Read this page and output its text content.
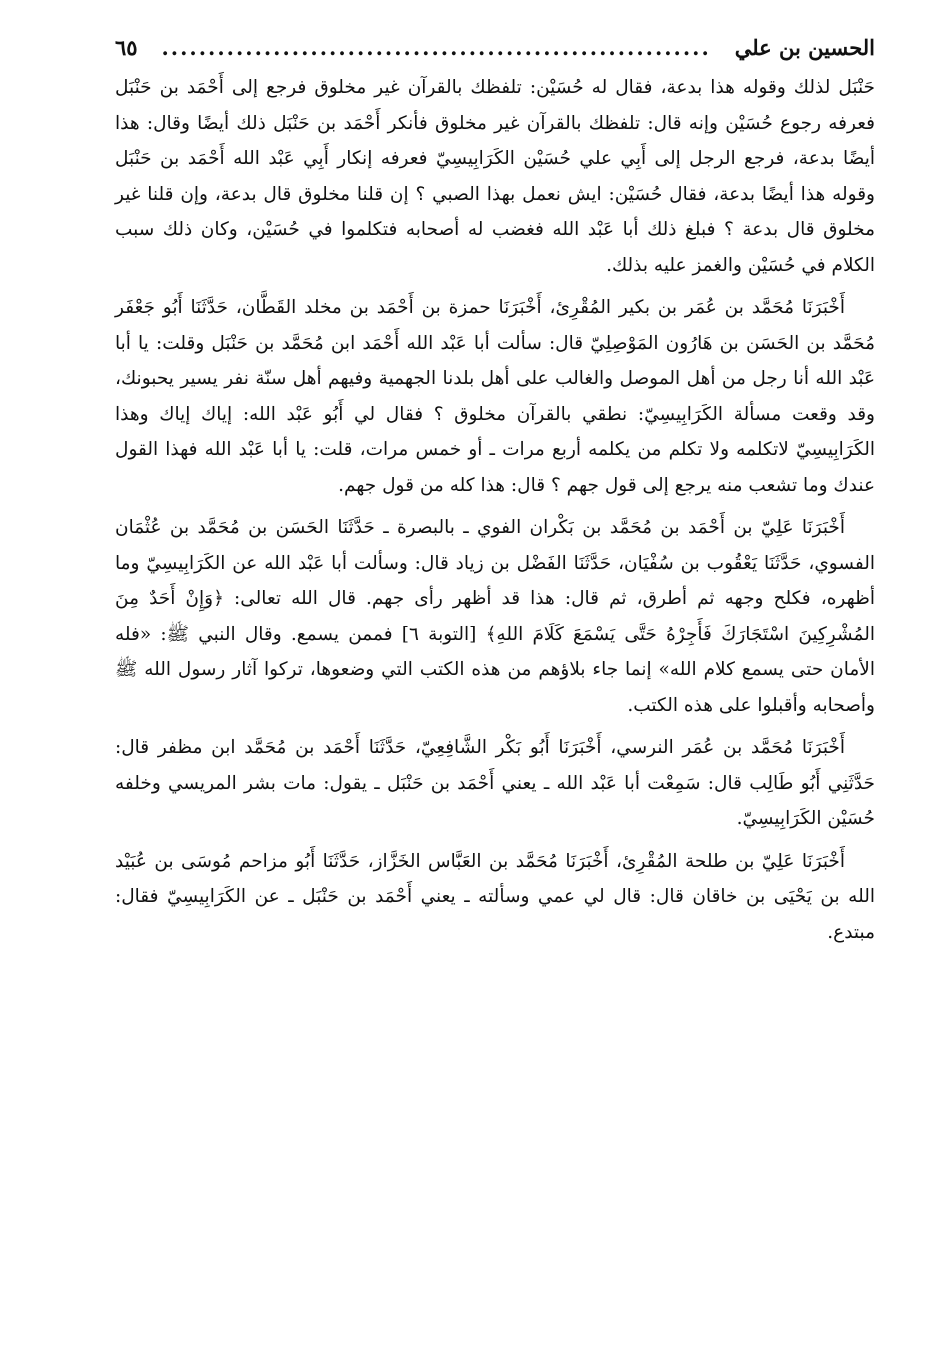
الحسين بن علي
...........................................................
٦٥

حَنْبَل لذلك وقوله هذا بدعة، فقال له حُسَيْن: تلفظك بالقرآن غير مخلوق فرجع إلى أَحْمَد بن حَنْبَل فعرفه رجوع حُسَيْن وإنه قال: تلفظك بالقرآن غير مخلوق فأنكر أَحْمَد بن حَنْبَل ذلك أيضًا وقال: هذا أيضًا بدعة، فرجع الرجل إلى أَبِي علي حُسَيْن الكَرَابِيسِيّ فعرفه إنكار أَبِي عَبْد الله أَحْمَد بن حَنْبَل وقوله هذا أيضًا بدعة، فقال حُسَيْن: ايش نعمل بهذا الصبي ؟ إن قلنا مخلوق قال بدعة، وإن قلنا غير مخلوق قال بدعة ؟ فبلغ ذلك أبا عَبْد الله فغضب له أصحابه فتكلموا في حُسَيْن، وكان ذلك سبب الكلام في حُسَيْن والغمز عليه بذلك.

أَخْبَرَنَا مُحَمَّد بن عُمَر بن بكير المُقْرِئ، أَخْبَرَنَا حمزة بن أَحْمَد بن مخلد القَطَّان، حَدَّثَنَا أَبُو جَعْفَر مُحَمَّد بن الحَسَن بن هَارُون المَوْصِلِيّ قال: سألت أبا عَبْد الله أَحْمَد ابن مُحَمَّد بن حَنْبَل وقلت: يا أبا عَبْد الله أنا رجل من أهل الموصل والغالب على أهل بلدنا الجهمية وفيهم أهل سنّة نفر يسير يحبونك، وقد وقعت مسألة الكَرَابِيسِيّ: نطقي بالقرآن مخلوق ؟ فقال لي أَبُو عَبْد الله: إياك إياك وهذا الكَرَابِيسِيّ لاتكلمه ولا تكلم من يكلمه أربع مرات ـ أو خمس مرات، قلت: يا أبا عَبْد الله فهذا القول عندك وما تشعب منه يرجع إلى قول جهم ؟ قال: هذا كله من قول جهم.

أَخْبَرَنَا عَلِيّ بن أَحْمَد بن مُحَمَّد بن بَكْران الفوي ـ بالبصرة ـ حَدَّثَنَا الحَسَن بن مُحَمَّد بن عُثْمَان الفسوي، حَدَّثَنَا يَعْقُوب بن سُفْيَان، حَدَّثَنَا الفَضْل بن زياد قال: وسألت أبا عَبْد الله عن الكَرَابِيسِيّ وما أظهره، فكلح وجهه ثم أطرق، ثم قال: هذا قد أظهر رأى جهم. قال الله تعالى: ﴿وَإِنْ أَحَدٌ مِنَ المُشْرِكِينَ اسْتَجَارَكَ فَأَجِرْهُ حَتَّى يَسْمَعَ كَلَامَ اللهِ﴾ [التوبة ٦] فممن يسمع. وقال النبي ﷺ: «فله الأمان حتى يسمع كلام الله» إنما جاء بلاؤهم من هذه الكتب التي وضعوها، تركوا آثار رسول الله ﷺ وأصحابه وأقبلوا على هذه الكتب.

أَخْبَرَنَا مُحَمَّد بن عُمَر النرسي، أَخْبَرَنَا أَبُو بَكْر الشَّافِعِيّ، حَدَّثَنَا أَحْمَد بن مُحَمَّد ابن مظفر قال: حَدَّثَنِي أَبُو طَالِب قال: سَمِعْت أبا عَبْد الله ـ يعني أَحْمَد بن حَنْبَل ـ يقول: مات بشر المريسي وخلفه حُسَيْن الكَرَابِيسِيّ.

أَخْبَرَنَا عَلِيّ بن طلحة المُقْرِئ، أَخْبَرَنَا مُحَمَّد بن العَبَّاس الخَزَّاز، حَدَّثَنَا أَبُو مزاحم مُوسَى بن عُبَيْد الله بن يَحْيَى بن خاقان قال: قال لي عمي وسألته ـ يعني أَحْمَد بن حَنْبَل ـ عن الكَرَابِيسِيّ فقال: مبتدع.
